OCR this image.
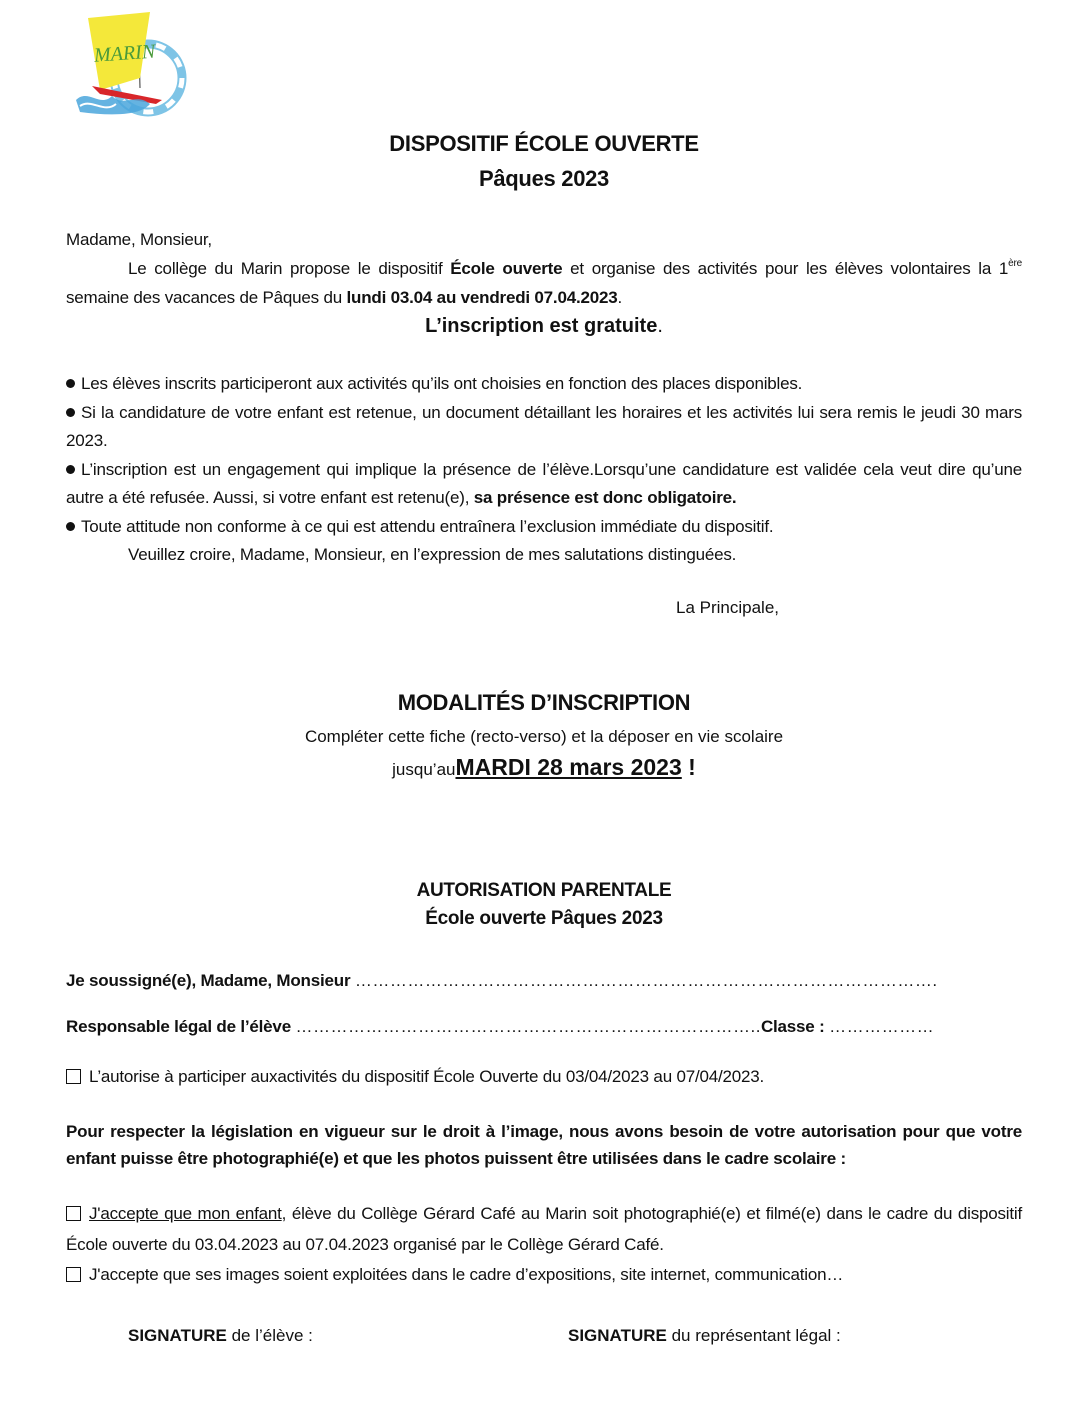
MARIN
DISPOSITIF ÉCOLE OUVERTE
Pâques 2023
Madame, Monsieur,
Le collège du Marin propose le dispositif École ouverte et organise des activités pour les élèves volontaires la 1ère semaine des vacances de Pâques du lundi 03.04 au vendredi 07.04.2023.
L’inscription est gratuite.
Les élèves inscrits participeront aux activités qu’ils ont choisies en fonction des places disponibles.
Si la candidature de votre enfant est retenue, un document détaillant les horaires et les activités lui sera remis le jeudi 30 mars 2023.
L’inscription est un engagement qui implique la présence de l’élève.Lorsqu’une candidature est validée cela veut dire qu’une autre a été refusée. Aussi, si votre enfant est retenu(e), sa présence est donc obligatoire.
Toute attitude non conforme à ce qui est attendu entraînera l’exclusion immédiate du dispositif.
Veuillez croire, Madame, Monsieur, en l’expression de mes salutations distinguées.
La Principale,
MODALITÉS D’INSCRIPTION
Compléter cette fiche (recto-verso) et la déposer en vie scolaire
jusqu’auMARDI 28 mars 2023 !
AUTORISATION PARENTALE
École ouverte Pâques 2023
Je soussigné(e), Madame, Monsieur ……………………………………………………………………………………….
Responsable légal de l’élève ……………………………………………………………………..Classe : ………………
L’autorise à participer auxactivités du dispositif École Ouverte du 03/04/2023 au 07/04/2023.
Pour respecter la législation en vigueur sur le droit à l’image, nous avons besoin de votre autorisation pour que votre enfant puisse être photographié(e) et que les photos puissent être utilisées dans le cadre scolaire :
J'accepte que mon enfant, élève du Collège Gérard Café au Marin soit photographié(e) et filmé(e) dans le cadre du dispositif École ouverte du 03.04.2023 au 07.04.2023 organisé par le Collège Gérard Café.
J'accepte que ses images soient exploitées dans le cadre d’expositions, site internet, communication…
SIGNATURE de l’élève :	SIGNATURE du représentant légal :
